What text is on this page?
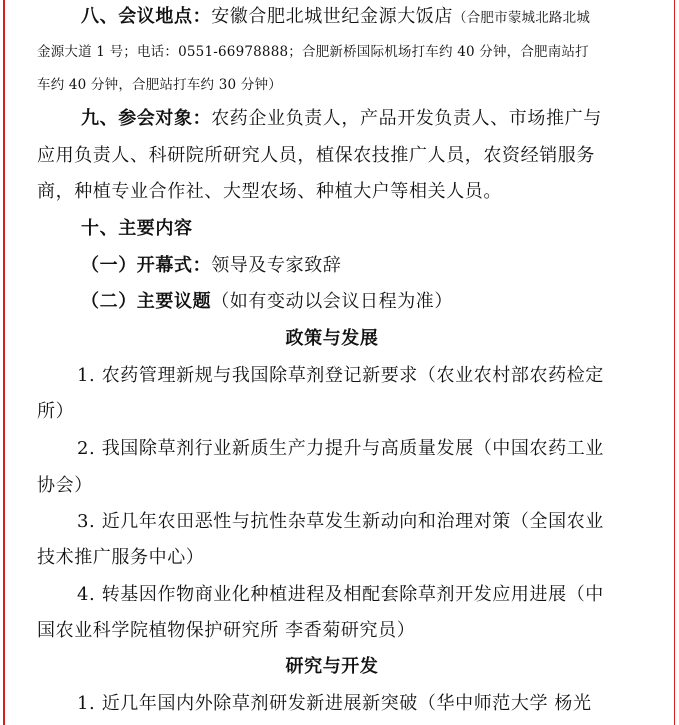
八、会议地点：安徽合肥北城世纪金源大饭店（合肥市蒙城北路北城
金源大道 1 号；电话：0551-66978888；合肥新桥国际机场打车约 40 分钟，合肥南站打
车约 40 分钟，合肥站打车约 30 分钟）
九、参会对象：农药企业负责人，产品开发负责人、市场推广与
应用负责人、科研院所研究人员，植保农技推广人员，农资经销服务
商，种植专业合作社、大型农场、种植大户等相关人员。
十、主要内容
（一）开幕式：领导及专家致辞
（二）主要议题（如有变动以会议日程为准）
政策与发展
1. 农药管理新规与我国除草剂登记新要求（农业农村部农药检定
所）
2. 我国除草剂行业新质生产力提升与高质量发展（中国农药工业
协会）
3. 近几年农田恶性与抗性杂草发生新动向和治理对策（全国农业
技术推广服务中心）
4. 转基因作物商业化种植进程及相配套除草剂开发应用进展（中
国农业科学院植物保护研究所 李香菊研究员）
研究与开发
1. 近几年国内外除草剂研发新进展新突破（华中师范大学 杨光
